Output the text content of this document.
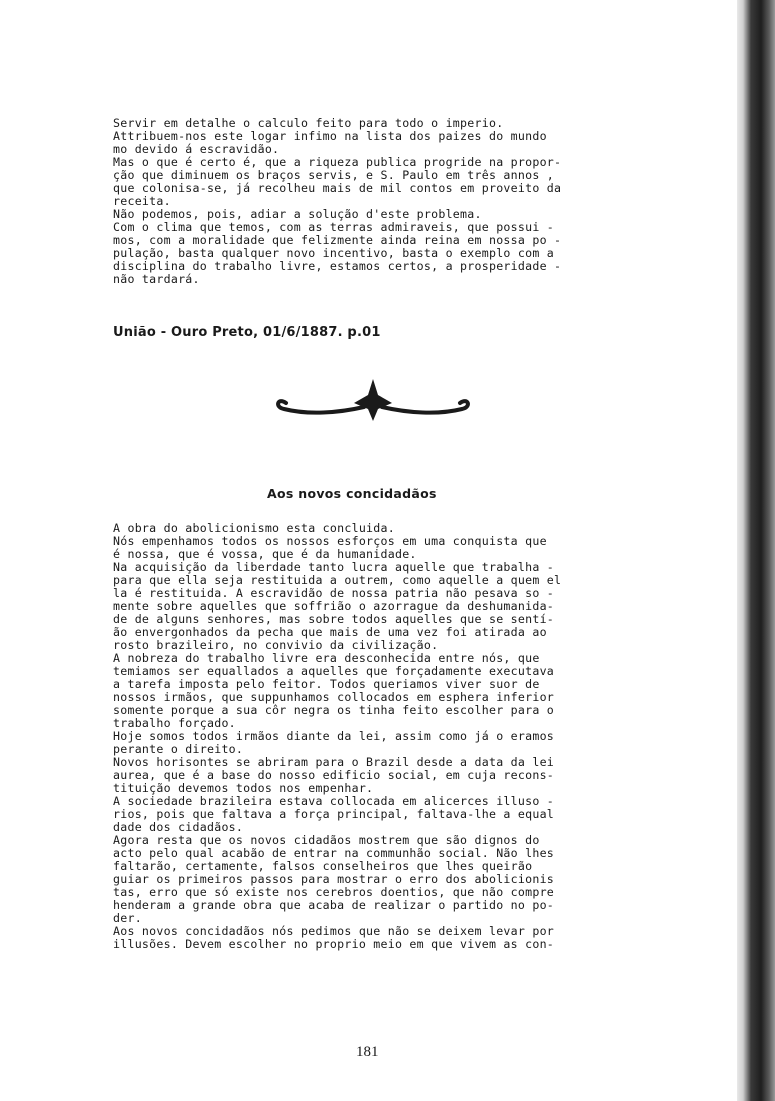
Servir em detalhe o calculo feito para todo o imperio.
Attribuem-nos este logar infimo na lista dos paizes do mundo
mo devido á escravidão.
Mas o que é certo é, que a riqueza publica progride na propor-
ção que diminuem os braços servis, e S. Paulo em três annos ,
que colonisa-se, já recolheu mais de mil contos em proveito da
receita.
Não podemos, pois, adiar a solução d'este problema.
Com o clima que temos, com as terras admiraveis, que possui -
mos, com a moralidade que felizmente ainda reina em nossa po -
pulação, basta qualquer novo incentivo, basta o exemplo com a
disciplina do trabalho livre, estamos certos, a prosperidade -
não tardará.
União - Ouro Preto, 01/6/1887. p.01
Aos novos concidadãos
A obra do abolicionismo esta concluida.
Nós empenhamos todos os nossos esforços em uma conquista que
é nossa, que é vossa, que é da humanidade.
Na acquisição da liberdade tanto lucra aquelle que trabalha -
para que ella seja restituida a outrem, como aquelle a quem el
la é restituida. A escravidão de nossa patria não pesava so -
mente sobre aquelles que soffrião o azorrague da deshumanida-
de de alguns senhores, mas sobre todos aquelles que se sentí-
ão envergonhados da pecha que mais de uma vez foi atirada ao
rosto brazileiro, no convivio da civilização.
A nobreza do trabalho livre era desconhecida entre nós, que
temiamos ser equallados a aquelles que forçadamente executava
a tarefa imposta pelo feitor. Todos queriamos viver suor de
nossos irmãos, que suppunhamos collocados em esphera inferior
somente porque a sua côr negra os tinha feito escolher para o
trabalho forçado.
Hoje somos todos irmãos diante da lei, assim como já o eramos
perante o direito.
Novos horisontes se abriram para o Brazil desde a data da lei
aurea, que é a base do nosso edificio social, em cuja recons-
tituição devemos todos nos empenhar.
A sociedade brazileira estava collocada em alicerces illuso -
rios, pois que faltava a força principal, faltava-lhe a equal
dade dos cidadãos.
Agora resta que os novos cidadãos mostrem que são dignos do
acto pelo qual acabão de entrar na communhão social. Não lhes
faltarão, certamente, falsos conselheiros que lhes queirão
guiar os primeiros passos para mostrar o erro dos abolicionis
tas, erro que só existe nos cerebros doentios, que não compre
henderam a grande obra que acaba de realizar o partido no po-
der.
Aos novos concidadãos nós pedimos que não se deixem levar por
illusões. Devem escolher no proprio meio em que vivem as con-
181
